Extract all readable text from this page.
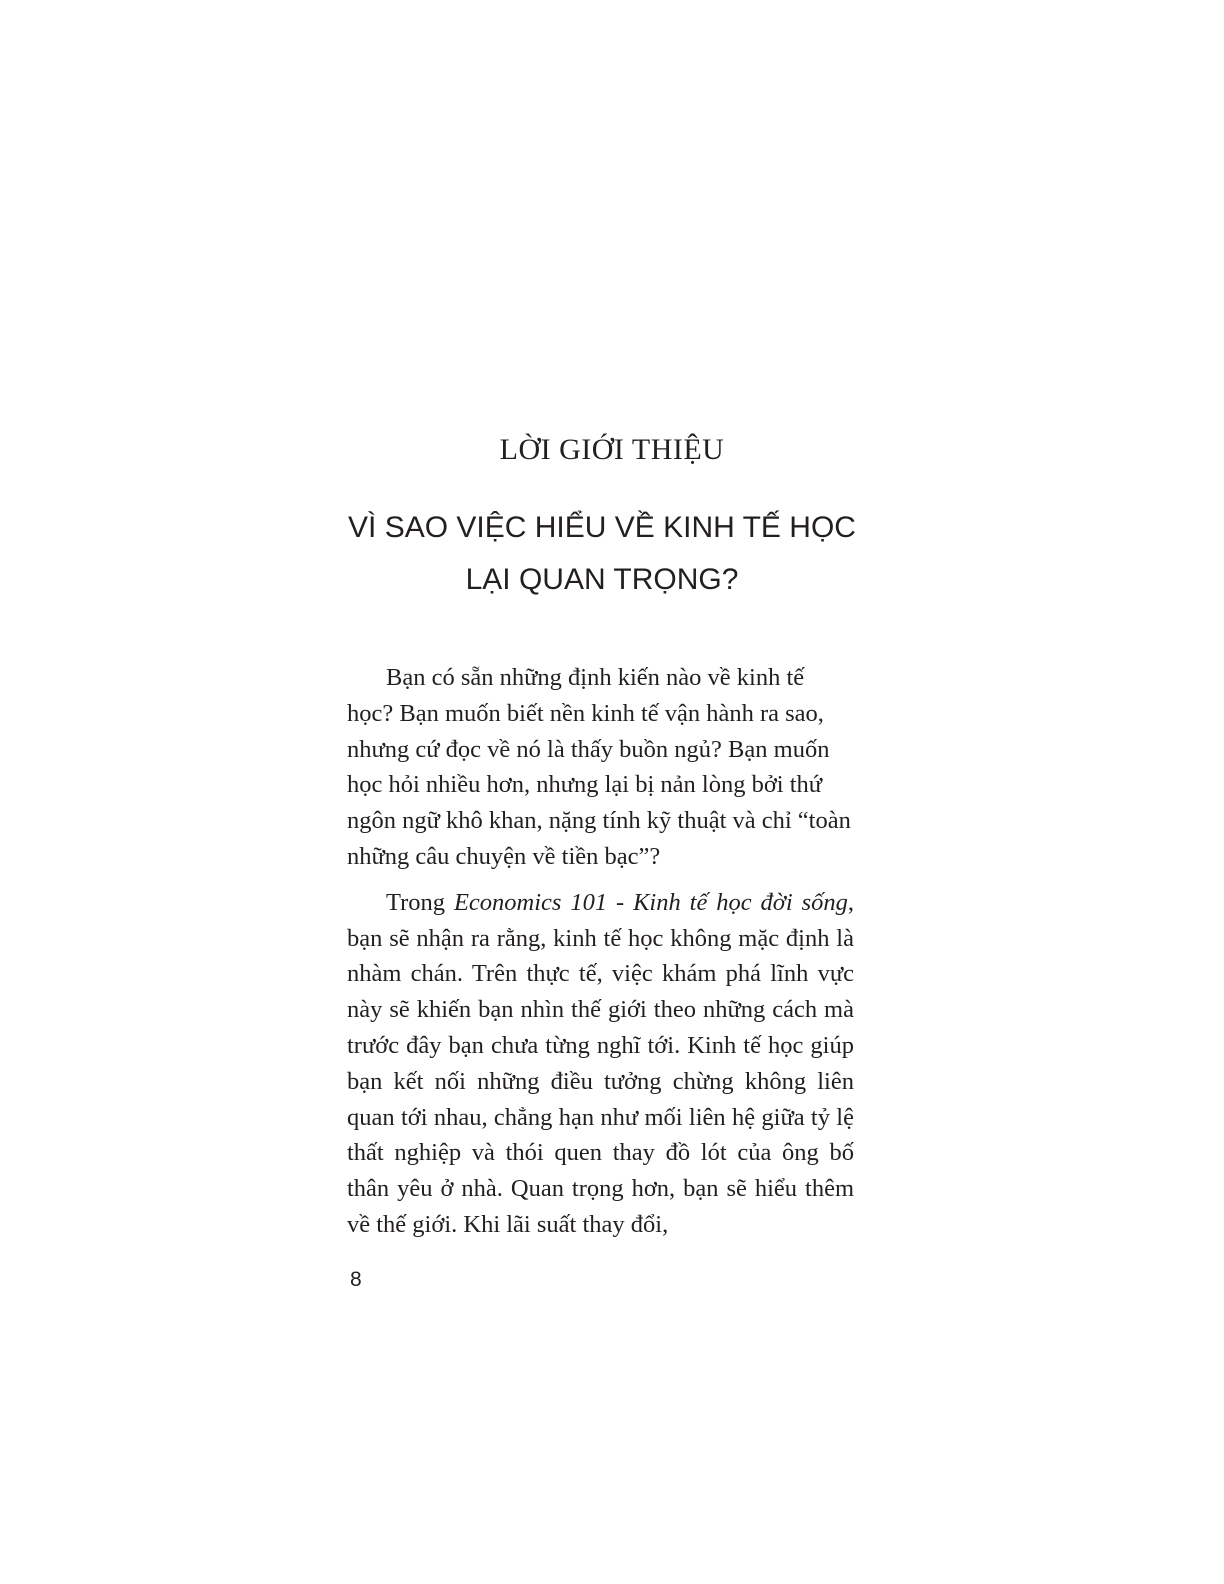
LỜI GIỚI THIỆU
VÌ SAO VIỆC HIỂU VỀ KINH TẾ HỌC
LẠI QUAN TRỌNG?

Bạn có sẵn những định kiến nào về kinh tế học? Bạn muốn biết nền kinh tế vận hành ra sao, nhưng cứ đọc về nó là thấy buồn ngủ? Bạn muốn học hỏi nhiều hơn, nhưng lại bị nản lòng bởi thứ ngôn ngữ khô khan, nặng tính kỹ thuật và chỉ “toàn những câu chuyện về tiền bạc”?

Trong Economics 101 - Kinh tế học đời sống, bạn sẽ nhận ra rằng, kinh tế học không mặc định là nhàm chán. Trên thực tế, việc khám phá lĩnh vực này sẽ khiến bạn nhìn thế giới theo những cách mà trước đây bạn chưa từng nghĩ tới. Kinh tế học giúp bạn kết nối những điều tưởng chừng không liên quan tới nhau, chẳng hạn như mối liên hệ giữa tỷ lệ thất nghiệp và thói quen thay đồ lót của ông bố thân yêu ở nhà. Quan trọng hơn, bạn sẽ hiểu thêm về thế giới. Khi lãi suất thay đổi,

8
